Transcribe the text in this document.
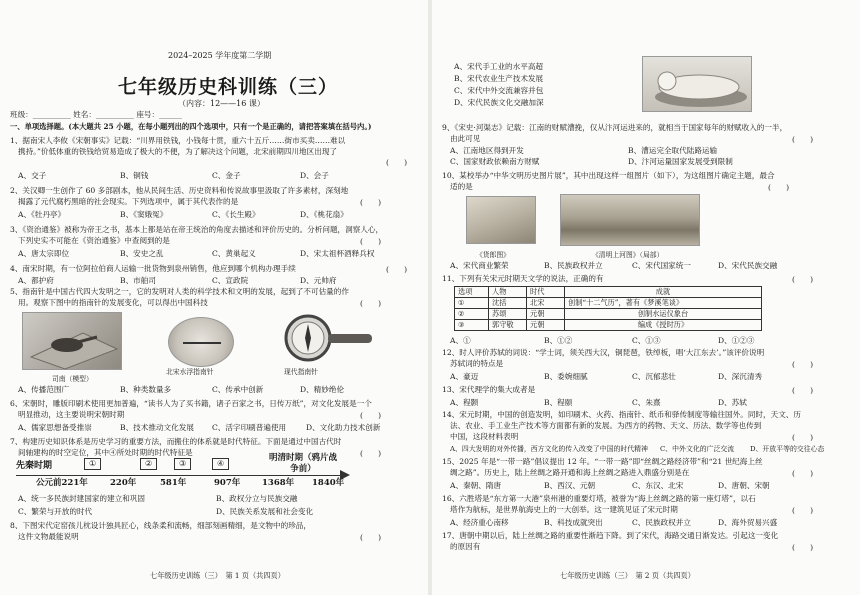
2024–2025 学年度第二学期
七年级历史科训练（三）
（内容：12——16 课）
班级：__________ 姓名：__________ 座号：______
一、单项选择题。(本大题共 25 小题，在每小题列出的四个选项中，只有一个是正确的，请把答案填在括号内。)
1、据南宋人李攸《宋朝事实》记载：“川界用铁钱，小钱每十贯，重六十五斤……街市买卖……难以
携持。”价低体重的铁钱给贸易造成了极大的不便，为了解决这个问题，北宋前期四川地区出现了
(　　)
A、交子	B、铜钱	C、金子	D、会子
2、关汉卿一生创作了 60 多部剧本，他从民间生活、历史资料和传说故事里汲取了许多素材，深刻地
揭露了元代腐朽黑暗的社会现实。下列选项中，属于其代表作的是	(　　)
A、《牡丹亭》	B、《窦娥冤》	C、《长生殿》	D、《桃花扇》
3、《资治通鉴》被称为帝王之书，基本上都是站在帝王统治的角度去描述和评价历史的。分析问题，洞察人心，
下列史实不可能在《资治通鉴》中查阅到的是	(　　)
A、唐太宗即位	B、安史之乱	C、黄巢起义	D、宋太祖杯酒释兵权
4、南宋时期，有一位阿拉伯商人运输一批货物到泉州销售，他应到哪个机构办理手续	(　　)
A、都护府	B、市舶司	C、宣政院	D、元帅府
5、指南针是中国古代四大发明之一，它的发明对人类的科学技术和文明的发展，起到了不可估量的作
用。观察下图中的指南针的发展变化，可以得出中国科技	(　　)
司南（模型）
北宋水浮指南针	现代指南针
A、传播范围广	B、种类数量多	C、传承中创新	D、精妙绝伦
6、宋朝时，雕版印刷术使用更加普遍，“读书人为了买书籍，诸子百家之书，日传万纸”，对文化发展是一个
明显推动，这主要说明宋朝时期	(　　)
A、儒家思想备受推崇	B、技术推动文化发展 C、活字印刷普遍使用	D、文化助力技术创新
7、构建历史知识体系是历史学习的重要方法，而搬住的体系就是时代特征。下面是通过中国古代时
间轴建构的时空定位，其中④所处时期的时代特征是	(　　)
先秦时期	①	②	③	④
明清时期（鸦片战争前）
公元前221年	220年	581年	907年	1368年 1840年
A、统一多民族封建国家的建立和巩固	B、政权分立与民族交融
C、繁荣与开放的时代	D、民族关系发展和社会变化
8、下图宋代定窑孩儿枕设计独具匠心，线条柔和流畅，细部刻画精细，是文物中的珍品，
这件文物最能说明	(　　)
七年级历史训练（三）　第 1 页（共四页）
A、宋代手工业的水平高超
B、宋代农业生产技术发展
C、宋代中外交流兼容并包
D、宋代民族文化交融加深
9、《宋史·河渠志》记载：江南的财赋漕挽，仅从汴河运进来的，就相当于国家每年的财赋收入的一半，
由此可见	(　　)
A、江南地区得到开发	B、漕运完全取代陆路运输
C、国家财政依赖南方财赋	D、汴河运量国家发展受到限制
10、某校举办“中华文明历史图片展”，其中出现这样一组图片（如下），为这组图片确定主题，最合
适的是	(　　)
《货郎图》	《清明上河图》（局部）
A、宋代商业繁荣	B、民族政权并立	C、宋代国家统一	D、宋代民族交融
11、下列有关宋元时期天文学的说法，正确的有	(　　)
选项	人物	时代	成就
①	沈括	北宋	创制“十二气历”，著有《梦溪笔谈》
②	苏颂	元朝	创制水运仪象台
③	郭守敬	元朝	编成《授时历》
A、①	B、①②	C、①③	D、①②③
12、时人评价苏轼的词说：“学士词，须关西大汉，铜琵琶，铁绰板，唱‘大江东去’。”该评价说明
苏轼词的特点是	(　　)
A、豪迈	B、委婉细腻	C、沉郁悲壮	D、深沉清秀
13、宋代理学的集大成者是	(　　)
A、程颢	B、程颐	C、朱熹	D、苏轼
14、宋元时期，中国的创造发明，如印刷术、火药、指南针、纸币和驿传制度等输往国外。同时，天文、历
法、农业、手工业生产技术等方面都有新的发展。为西方的药物、天文、历法、数学等也传到
中国，这段材料表明	(　　)
A、四大发明的对外传播，西方文化的传入改变了中国的时代精神 C、中外文化的广泛交流 D、开放平等的交往心态
15、2025 年是“一带一路”倡议提出 12 年。“一带一路”即“丝绸之路经济带”和“21 世纪海上丝
绸之路”。历史上，陆上丝绸之路开通和海上丝绸之路进入鼎盛分别是在	(　　)
A、秦朝、隋唐	B、西汉、元朝	C、东汉、北宋	D、唐朝、宋朝
16、六胜塔是“东方第一大港”泉州港的重要灯塔，被誉为“海上丝绸之路的第一座灯塔”，以石
塔作为航标，是世界航海史上的一大创举。这一建筑见证了宋元时期	(　　)
A、经济重心南移	B、科技成就突出	C、民族政权并立	D、海外贸易兴盛
17、唐朝中期以后，陆上丝绸之路的重要性渐趋下降。到了宋代，海路交通日渐发达。引起这一变化
的原因有	(　　)
七年级历史训练（三）　第 2 页（共四页）
